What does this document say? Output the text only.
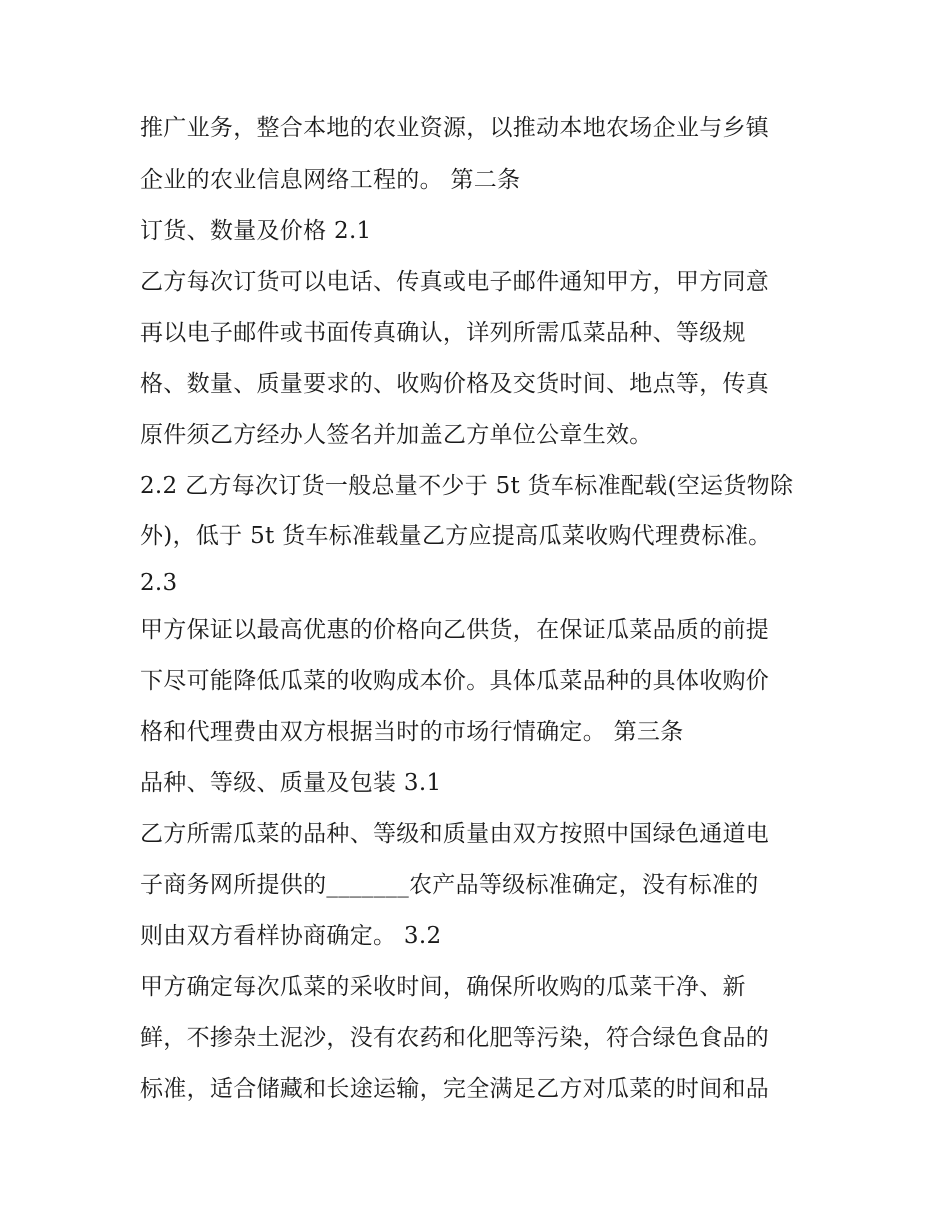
推广业务，整合本地的农业资源，以推动本地农场企业与乡镇
企业的农业信息网络工程的。 第二条
订货、数量及价格 2.1
乙方每次订货可以电话、传真或电子邮件通知甲方，甲方同意
再以电子邮件或书面传真确认，详列所需瓜菜品种、等级规
格、数量、质量要求的、收购价格及交货时间、地点等，传真
原件须乙方经办人签名并加盖乙方单位公章生效。
2.2 乙方每次订货一般总量不少于 5t 货车标准配载(空运货物除
外)，低于 5t 货车标准载量乙方应提高瓜菜收购代理费标准。
2.3
甲方保证以最高优惠的价格向乙供货，在保证瓜菜品质的前提
下尽可能降低瓜菜的收购成本价。具体瓜菜品种的具体收购价
格和代理费由双方根据当时的市场行情确定。 第三条
品种、等级、质量及包装 3.1
乙方所需瓜菜的品种、等级和质量由双方按照中国绿色通道电
子商务网所提供的_______农产品等级标准确定，没有标准的
则由双方看样协商确定。 3.2
甲方确定每次瓜菜的采收时间，确保所收购的瓜菜干净、新
鲜，不掺杂土泥沙，没有农药和化肥等污染，符合绿色食品的
标准，适合储藏和长途运输，完全满足乙方对瓜菜的时间和品
